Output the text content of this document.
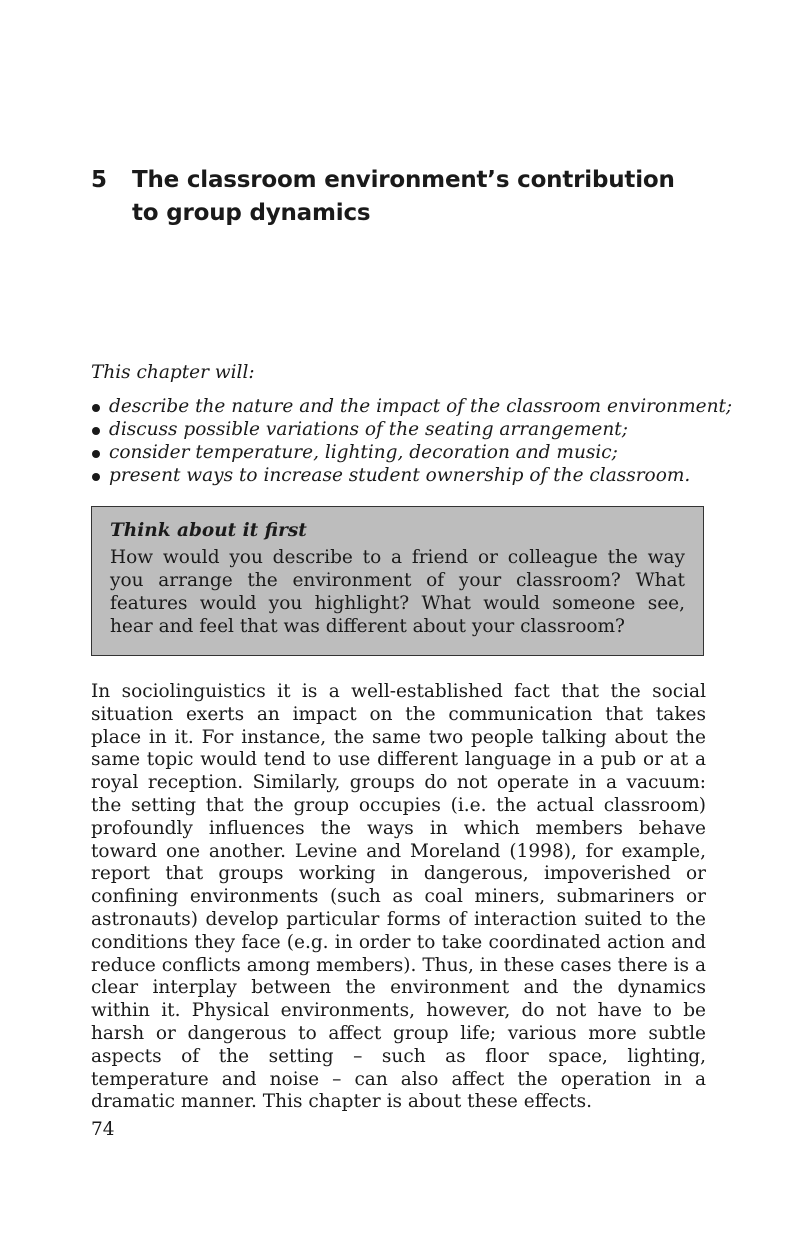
5 The classroom environment’s contribution to group dynamics

This chapter will:

describe the nature and the impact of the classroom environment;
discuss possible variations of the seating arrangement;
consider temperature, lighting, decoration and music;
present ways to increase student ownership of the classroom.
Think about it first
How would you describe to a friend or colleague the way you arrange the environment of your classroom? What features would you highlight? What would someone see, hear and feel that was different about your classroom?

In sociolinguistics it is a well-established fact that the social situation exerts an impact on the communication that takes place in it. For instance, the same two people talking about the same topic would tend to use different language in a pub or at a royal reception. Similarly, groups do not operate in a vacuum: the setting that the group occupies (i.e. the actual classroom) profoundly influences the ways in which members behave toward one another. Levine and Moreland (1998), for example, report that groups working in dangerous, impoverished or confining environments (such as coal miners, submariners or astronauts) develop particular forms of interaction suited to the conditions they face (e.g. in order to take coordinated action and reduce conflicts among members). Thus, in these cases there is a clear interplay between the environment and the dynamics within it. Physical environments, however, do not have to be harsh or dangerous to affect group life; various more subtle aspects of the setting – such as floor space, lighting, temperature and noise – can also affect the operation in a dramatic manner. This chapter is about these effects.

74
